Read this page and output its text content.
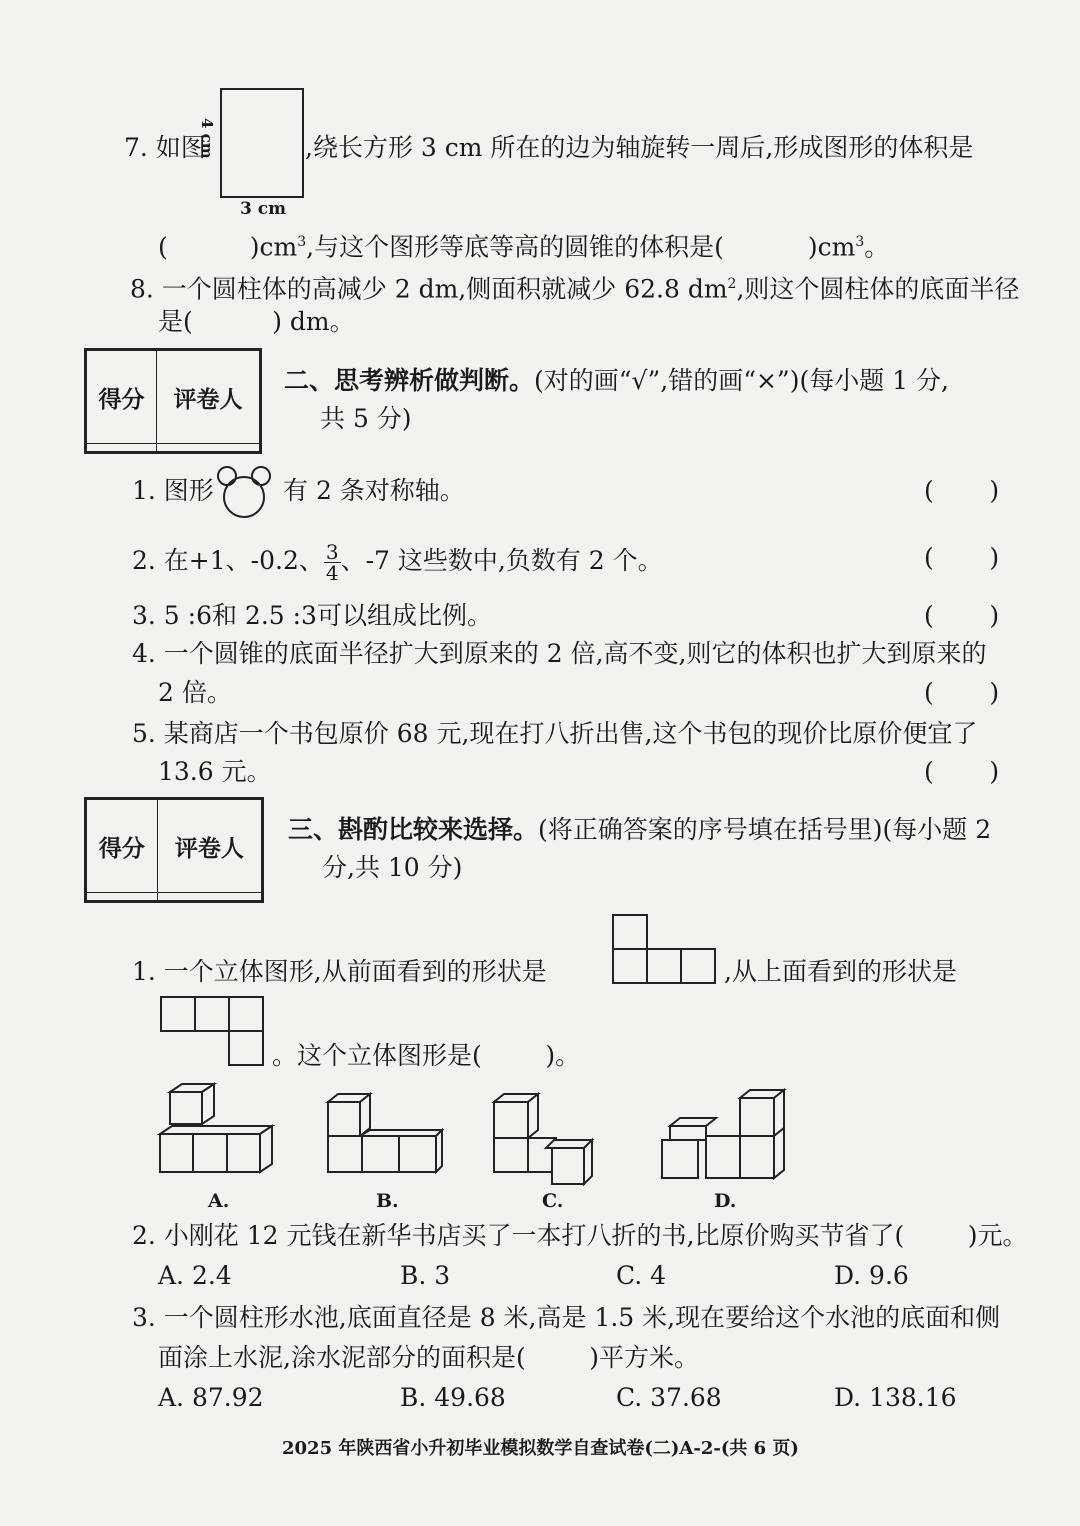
7. 如图
4 cm
3 cm
,绕长方形 3 cm 所在的边为轴旋转一周后,形成图形的体积是
(	)$cm^3$,与这个图形等底等高的圆锥的体积是(	)$cm^3$。
8. 一个圆柱体的高减少 2 dm,侧面积就减少 62.8 $dm^2$,则这个圆柱体的底面半径
是(          ) dm。
得分	评卷人

二、思考辨析做判断。(对的画“√”,错的画“×”)(每小题 1 分,
共 5 分)
1. 图形	有 2 条对称轴。	(       )
2. 在+1、-0.2、 $\frac{3}{4}$ 、-7 这些数中,负数有 2 个。	(       )
3. 5 :6和 2.5 :3可以组成比例。	(       )
4. 一个圆锥的底面半径扩大到原来的 2 倍,高不变,则它的体积也扩大到原来的
2 倍。	(       )
5. 某商店一个书包原价 68 元,现在打八折出售,这个书包的现价比原价便宜了
13.6 元。	(       )
得分	评卷人

三、斟酌比较来选择。(将正确答案的序号填在括号里)(每小题 2
分,共 10 分)
1. 一个立体图形,从前面看到的形状是	,从上面看到的形状是
。这个立体图形是(        )。
A.	B.	C.	D.
2. 小刚花 12 元钱在新华书店买了一本打八折的书,比原价购买节省了(        )元。
A. 2.4	B. 3	C. 4	D. 9.6
3. 一个圆柱形水池,底面直径是 8 米,高是 1.5 米,现在要给这个水池的底面和侧
面涂上水泥,涂水泥部分的面积是(        )平方米。
A. 87.92	B. 49.68	C. 37.68	D. 138.16
2025 年陕西省小升初毕业模拟数学自查试卷(二)A-2-(共 6 页)
